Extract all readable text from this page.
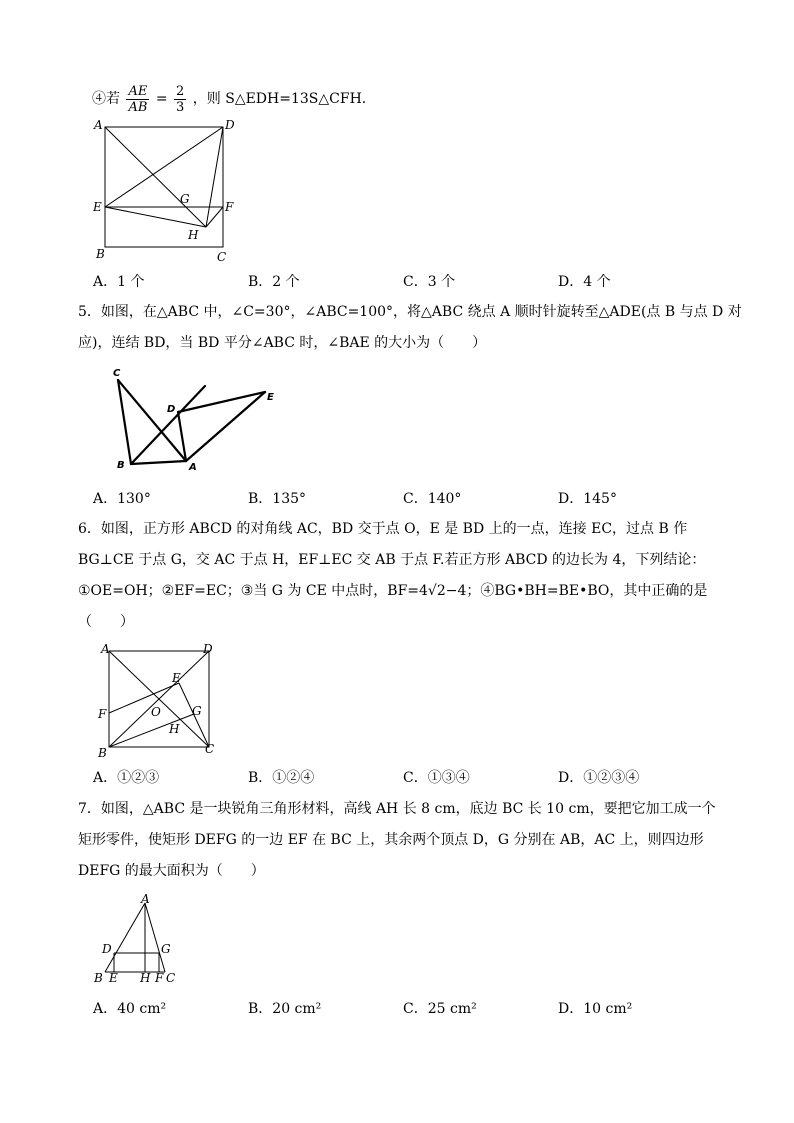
④若 $\frac{AE}{AB} = \frac{2}{3}$ ，则 S△EDH=13S△CFH．
A	D
E	F
G
H
B	C
A．1 个	B．2 个	C．3 个	D．4 个
5．如图，在△ABC 中，∠C=30°，∠ABC=100°，将△ABC 绕点 A 顺时针旋转至△ADE(点 B 与点 D 对
应)，连结 BD，当 BD 平分∠ABC 时，∠BAE 的大小为（　　）
C
D
E
B	A
A．130°	B．135°	C．140°	D．145°
6．如图，正方形 ABCD 的对角线 AC，BD 交于点 O，E 是 BD 上的一点，连接 EC，过点 B 作
BG⊥CE 于点 G，交 AC 于点 H，EF⊥EC 交 AB 于点 F.若正方形 ABCD 的边长为 4，下列结论：
①OE=OH；②EF=EC；③当 G 为 CE 中点时，BF=4√2−4；④BG•BH=BE•BO，其中正确的是
（　　）
A	D
E
F	O	G
H
B	C
A．①②③	B．①②④	C．①③④	D．①②③④
7．如图，△ABC 是一块锐角三角形材料，高线 AH 长 8 cm，底边 BC 长 10 cm，要把它加工成一个
矩形零件，使矩形 DEFG 的一边 EF 在 BC 上，其余两个顶点 D，G 分别在 AB，AC 上，则四边形
DEFG 的最大面积为（　　）
A
D	G
B E H F C
A．40 cm²	B．20 cm²	C．25 cm²	D．10 cm²
